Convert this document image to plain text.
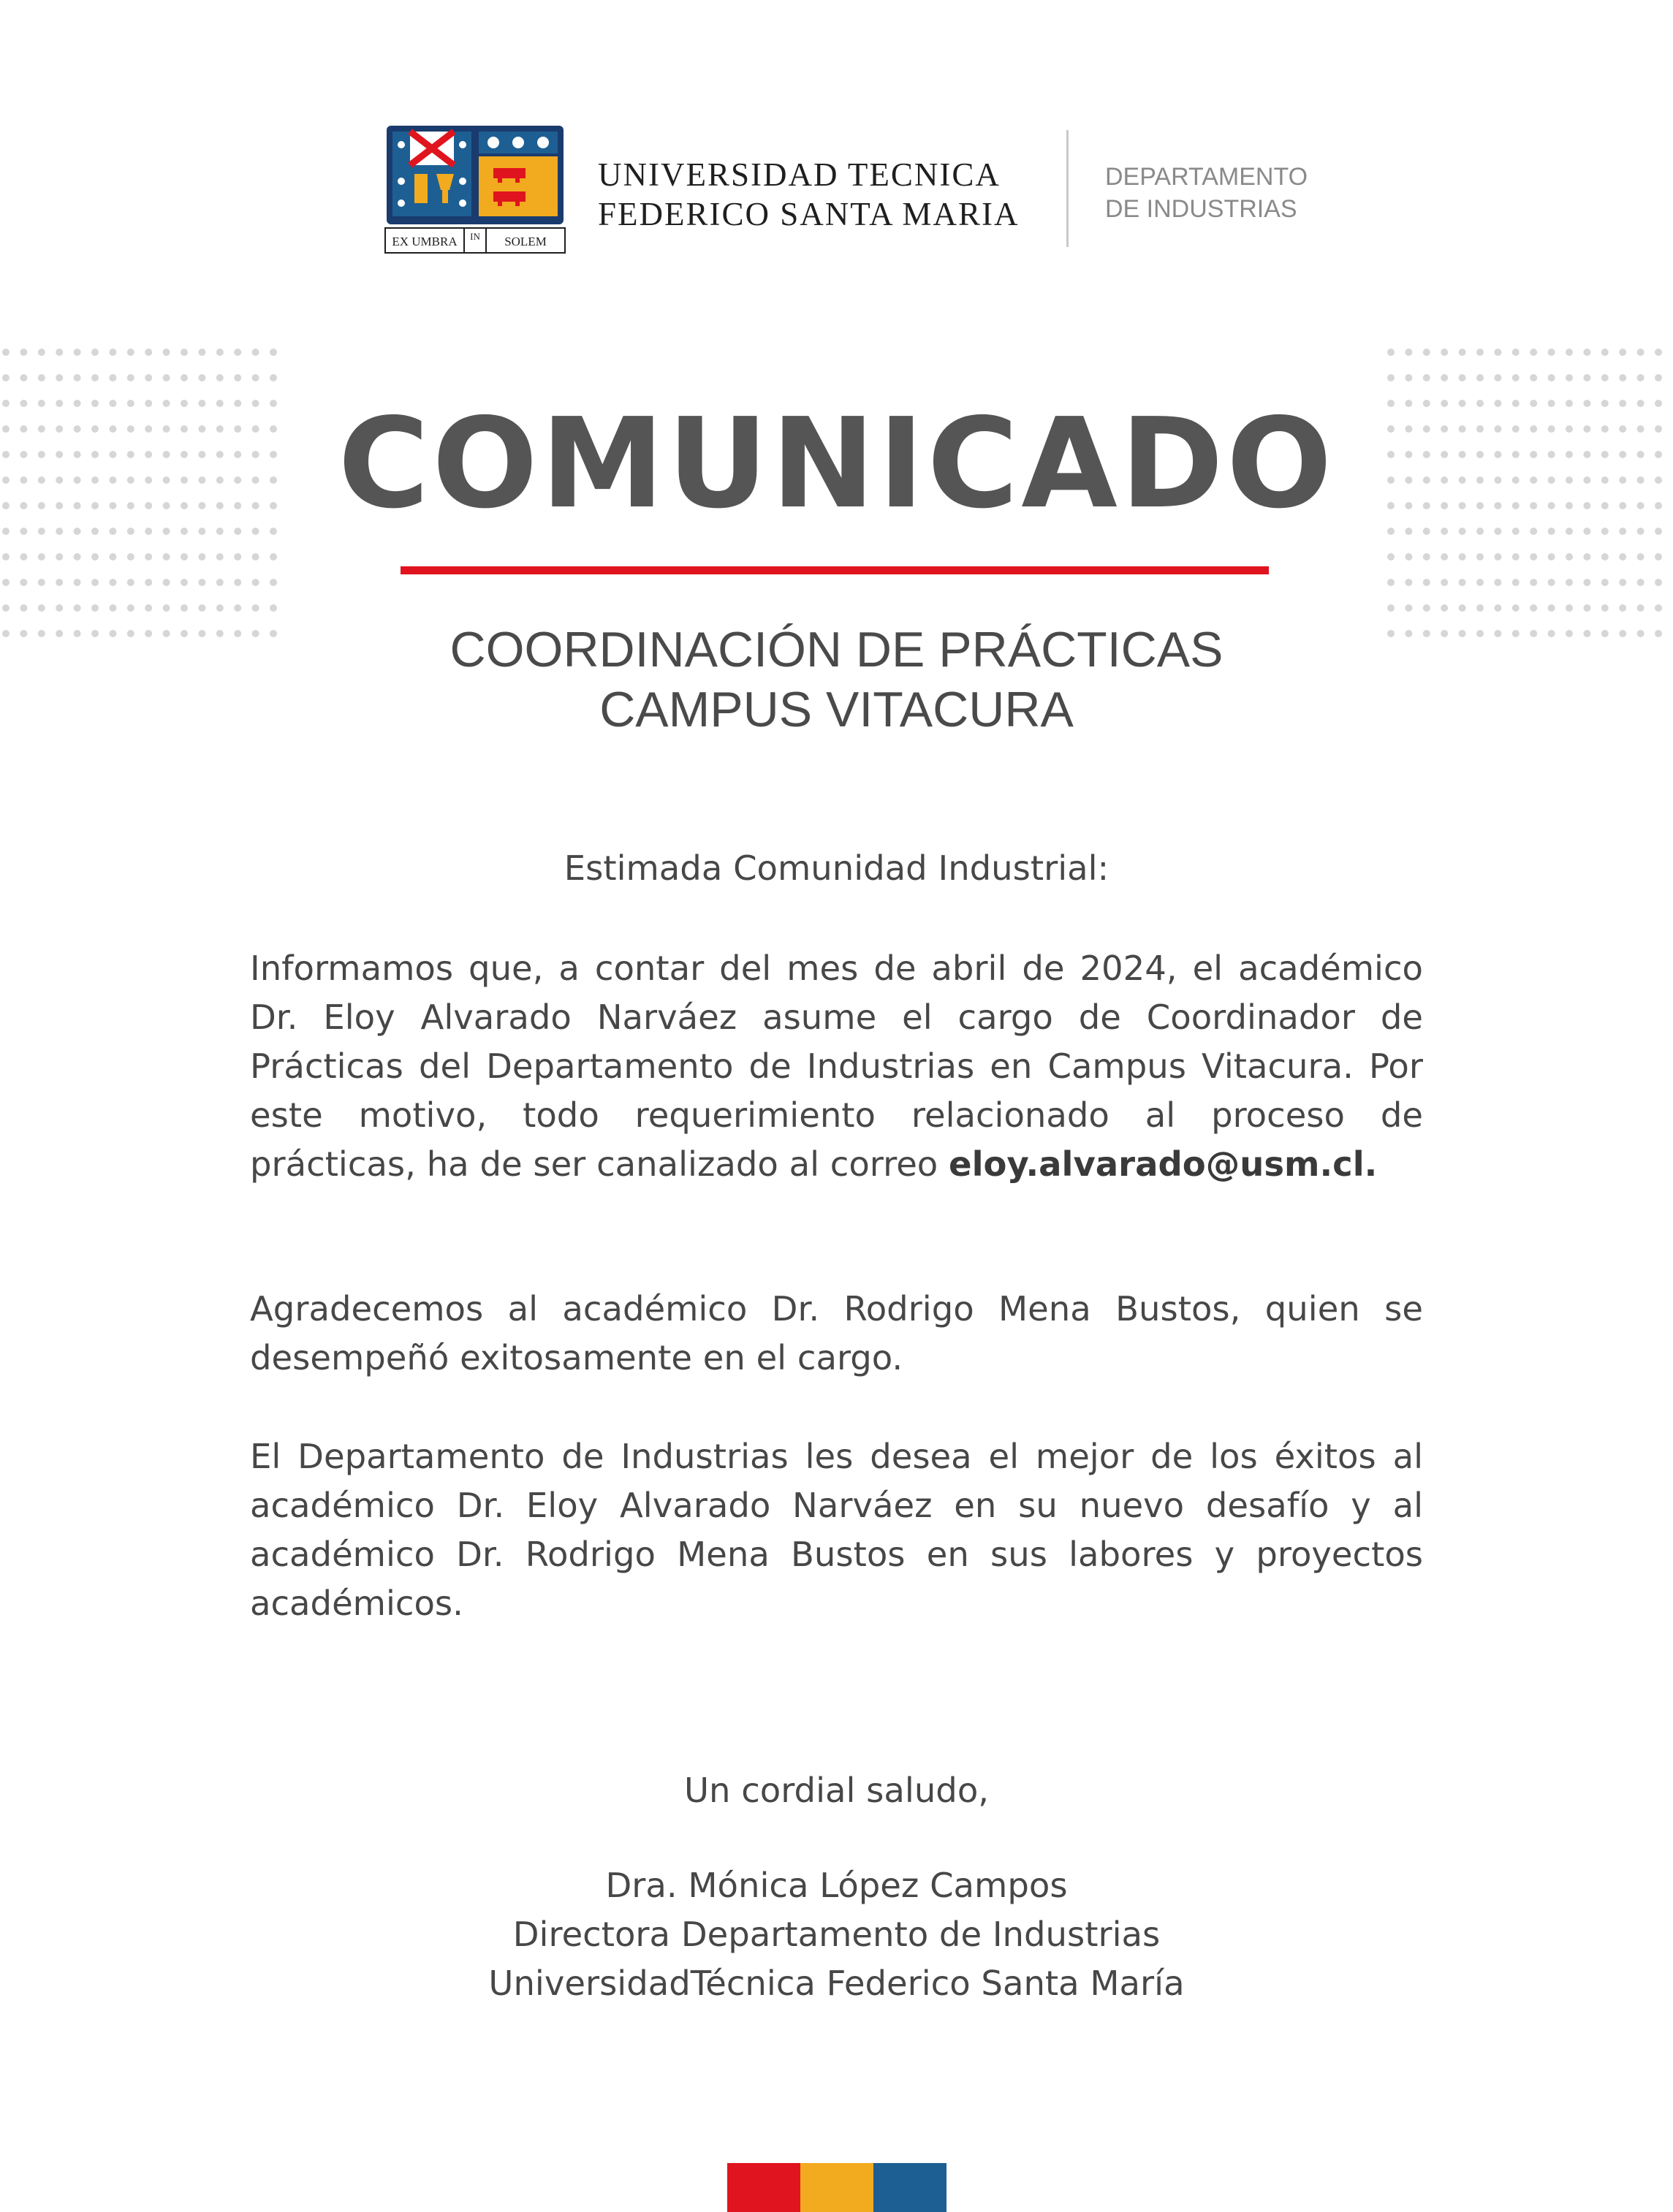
EX UMBRA IN SOLEM
UNIVERSIDAD TECNICA
FEDERICO SANTA MARIA
DEPARTAMENTO
DE INDUSTRIAS
COMUNICADO
COORDINACIÓN DE PRÁCTICAS
CAMPUS VITACURA
Estimada Comunidad Industrial:
Informamos que, a contar del mes de abril de 2024, el académico Dr. Eloy Alvarado Narváez asume el cargo de Coordinador de Prácticas del Departamento de Industrias en Campus Vitacura. Por este motivo, todo requerimiento relacionado al proceso de prácticas, ha de ser canalizado al correo eloy.alvarado@usm.cl.
Agradecemos al académico Dr. Rodrigo Mena Bustos, quien se desempeñó exitosamente en el cargo.
El Departamento de Industrias les desea el mejor de los éxitos al académico Dr. Eloy Alvarado Narváez en su nuevo desafío y al académico Dr. Rodrigo Mena Bustos en sus labores y proyectos académicos.
Un cordial saludo,
Dra. Mónica López Campos
Directora Departamento de Industrias
UniversidadTécnica Federico Santa María
